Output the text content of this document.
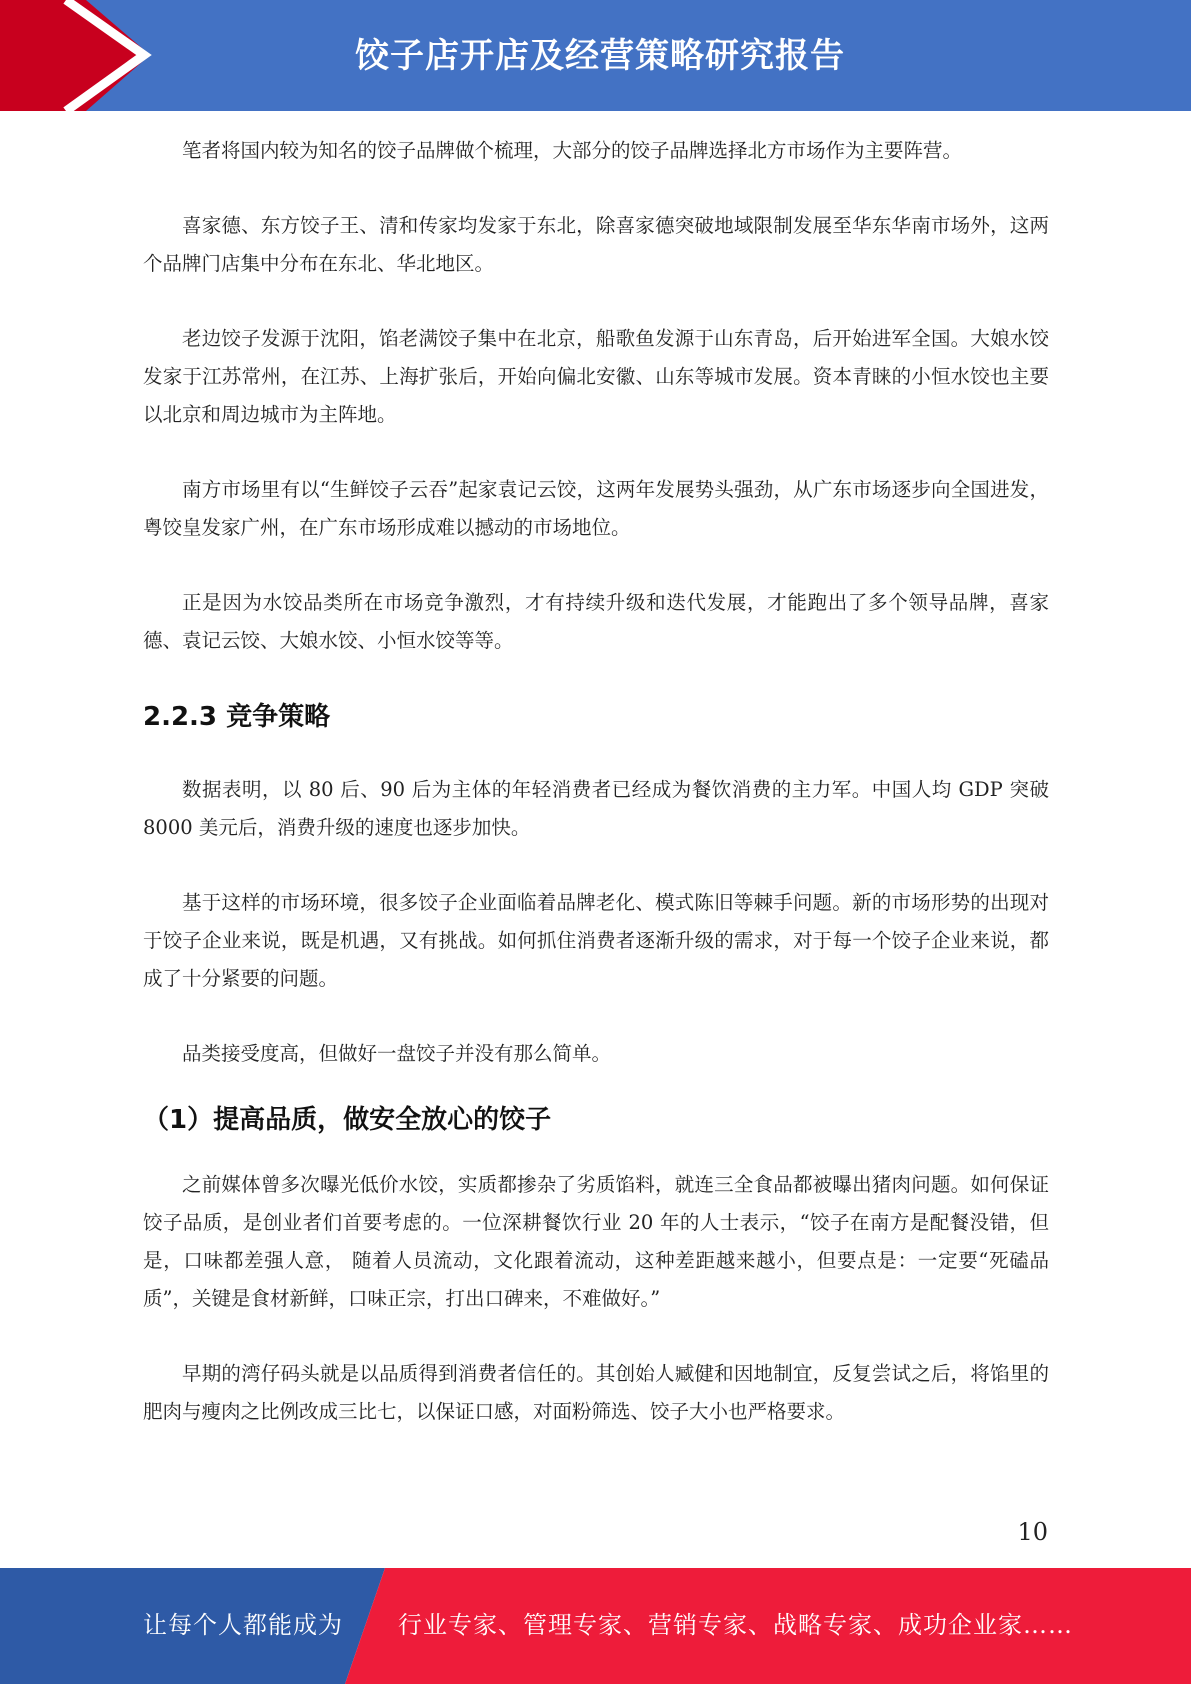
饺子店开店及经营策略研究报告

笔者将国内较为知名的饺子品牌做个梳理，大部分的饺子品牌选择北方市场作为主要阵营。

喜家德、东方饺子王、清和传家均发家于东北，除喜家德突破地域限制发展至华东华南市场外，这两个品牌门店集中分布在东北、华北地区。

老边饺子发源于沈阳，馅老满饺子集中在北京，船歌鱼发源于山东青岛，后开始进军全国。大娘水饺发家于江苏常州，在江苏、上海扩张后，开始向偏北安徽、山东等城市发展。资本青睐的小恒水饺也主要以北京和周边城市为主阵地。

南方市场里有以“生鲜饺子云吞”起家袁记云饺，这两年发展势头强劲，从广东市场逐步向全国进发，粤饺皇发家广州，在广东市场形成难以撼动的市场地位。

正是因为水饺品类所在市场竞争激烈，才有持续升级和迭代发展，才能跑出了多个领导品牌，喜家德、袁记云饺、大娘水饺、小恒水饺等等。

2.2.3 竞争策略

数据表明，以 80 后、90 后为主体的年轻消费者已经成为餐饮消费的主力军。中国人均 GDP 突破 8000 美元后，消费升级的速度也逐步加快。

基于这样的市场环境，很多饺子企业面临着品牌老化、模式陈旧等棘手问题。新的市场形势的出现对于饺子企业来说，既是机遇，又有挑战。如何抓住消费者逐渐升级的需求，对于每一个饺子企业来说，都成了十分紧要的问题。

品类接受度高，但做好一盘饺子并没有那么简单。

（1）提高品质，做安全放心的饺子

之前媒体曾多次曝光低价水饺，实质都掺杂了劣质馅料，就连三全食品都被曝出猪肉问题。如何保证饺子品质，是创业者们首要考虑的。一位深耕餐饮行业 20 年的人士表示，“饺子在南方是配餐没错，但是，口味都差强人意， 随着人员流动，文化跟着流动，这种差距越来越小，但要点是：一定要“死磕品质”，关键是食材新鲜，口味正宗，打出口碑来，不难做好。”

早期的湾仔码头就是以品质得到消费者信任的。其创始人臧健和因地制宜，反复尝试之后，将馅里的肥肉与瘦肉之比例改成三比七，以保证口感，对面粉筛选、饺子大小也严格要求。

10
让每个人都能成为 行业专家、管理专家、营销专家、战略专家、成功企业家……
